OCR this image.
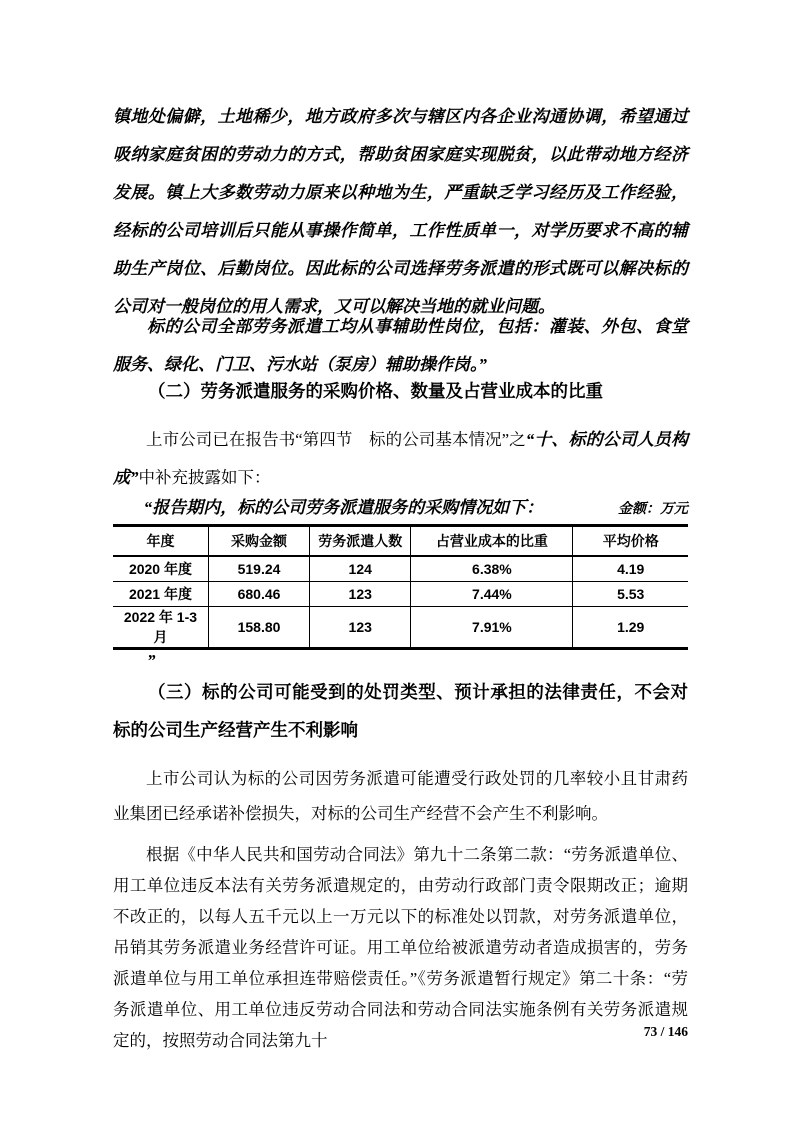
镇地处偏僻，土地稀少，地方政府多次与辖区内各企业沟通协调，希望通过吸纳家庭贫困的劳动力的方式，帮助贫困家庭实现脱贫，以此带动地方经济发展。镇上大多数劳动力原来以种地为生，严重缺乏学习经历及工作经验，经标的公司培训后只能从事操作简单，工作性质单一，对学历要求不高的辅助生产岗位、后勤岗位。因此标的公司选择劳务派遣的形式既可以解决标的公司对一般岗位的用人需求，又可以解决当地的就业问题。

标的公司全部劳务派遣工均从事辅助性岗位，包括：灌装、外包、食堂服务、绿化、门卫、污水站（泵房）辅助操作岗。”

（二）劳务派遣服务的采购价格、数量及占营业成本的比重

上市公司已在报告书“第四节　标的公司基本情况”之“十、标的公司人员构成”中补充披露如下：

“报告期内，标的公司劳务派遣服务的采购情况如下：	金额：万元
年度	采购金额	劳务派遣人数	占营业成本的比重	平均价格
2020 年度	519.24	124	6.38%	4.19
2021 年度	680.46	123	7.44%	5.53
2022 年 1-3 月	158.80	123	7.91%	1.29

”

（三）标的公司可能受到的处罚类型、预计承担的法律责任，不会对标的公司生产经营产生不利影响

上市公司认为标的公司因劳务派遣可能遭受行政处罚的几率较小且甘肃药业集团已经承诺补偿损失，对标的公司生产经营不会产生不利影响。

根据《中华人民共和国劳动合同法》第九十二条第二款：“劳务派遣单位、用工单位违反本法有关劳务派遣规定的，由劳动行政部门责令限期改正；逾期不改正的，以每人五千元以上一万元以下的标准处以罚款，对劳务派遣单位，吊销其劳务派遣业务经营许可证。用工单位给被派遣劳动者造成损害的，劳务派遣单位与用工单位承担连带赔偿责任。”《劳务派遣暂行规定》第二十条：“劳务派遣单位、用工单位违反劳动合同法和劳动合同法实施条例有关劳务派遣规定的，按照劳动合同法第九十	73 / 146
